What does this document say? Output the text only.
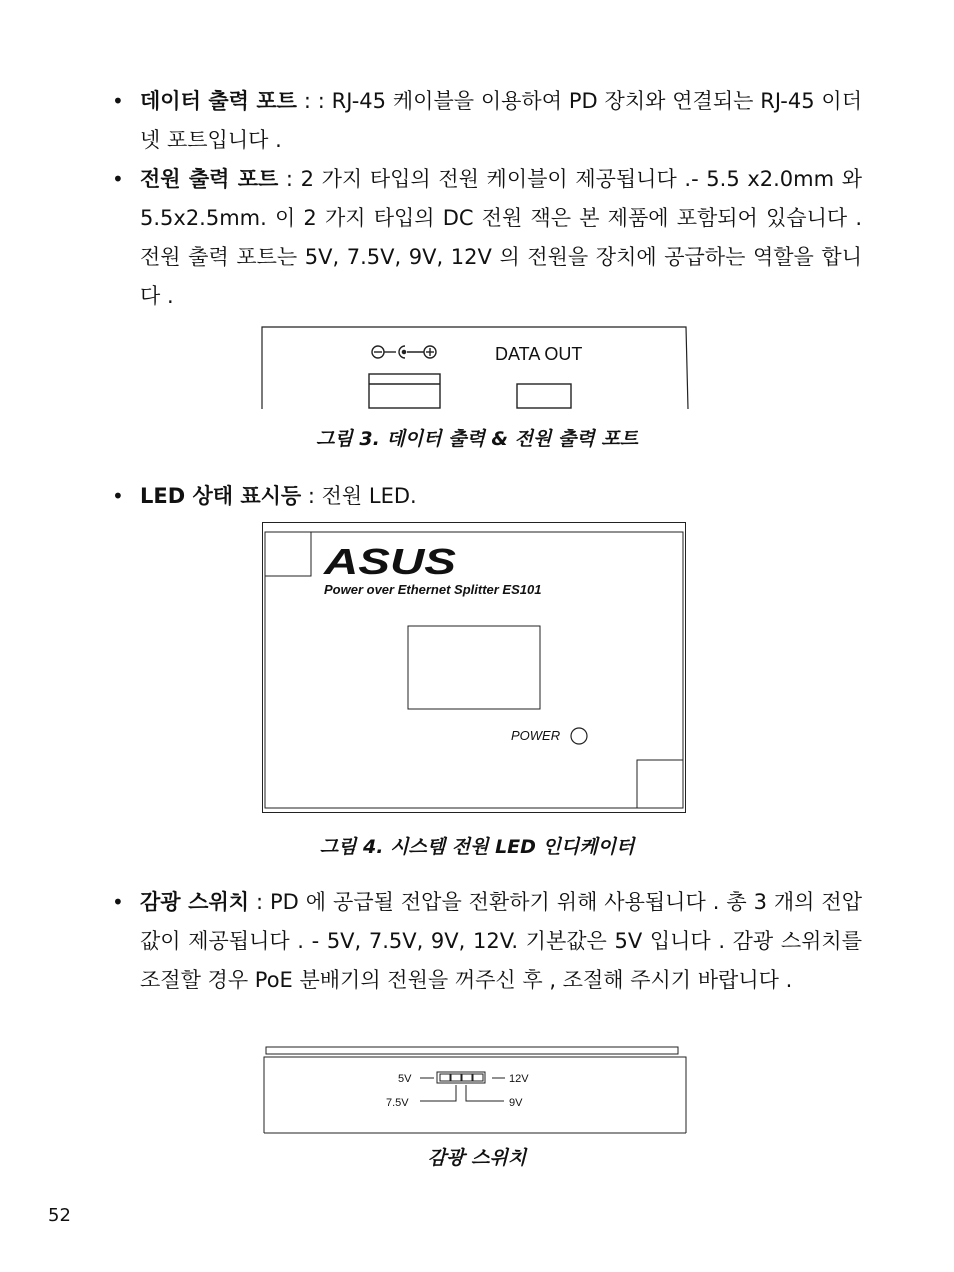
• 데이터 출력 포트 : : RJ-45 케이블을 이용하여 PD 장치와 연결되는 RJ-45 이더넷 포트입니다 .
• 전원 출력 포트 : 2 가지 타입의 전원 케이블이 제공됩니다 .- 5.5 x2.0mm 와 5.5x2.5mm. 이 2 가지 타입의 DC 전원 잭은 본 제품에 포함되어 있습니다 . 전원 출력 포트는 5V, 7.5V, 9V, 12V 의 전원을 장치에 공급하는 역할을 합니다 .
DATA OUT
그림 3. 데이터 출력 & 전원 출력 포트
• LED 상태 표시등 : 전원 LED.
ASUS
Power over Ethernet Splitter ES101
POWER
그림 4. 시스템 전원 LED 인디케이터
• 감광 스위치 : PD 에 공급될 전압을 전환하기 위해 사용됩니다 . 총 3 개의 전압 값이 제공됩니다 . - 5V, 7.5V, 9V, 12V. 기본값은 5V 입니다 . 감광 스위치를 조절할 경우 PoE 분배기의 전원을 꺼주신 후 , 조절해 주시기 바랍니다 .
5V	12V
7.5V	9V
감광 스위치
52
